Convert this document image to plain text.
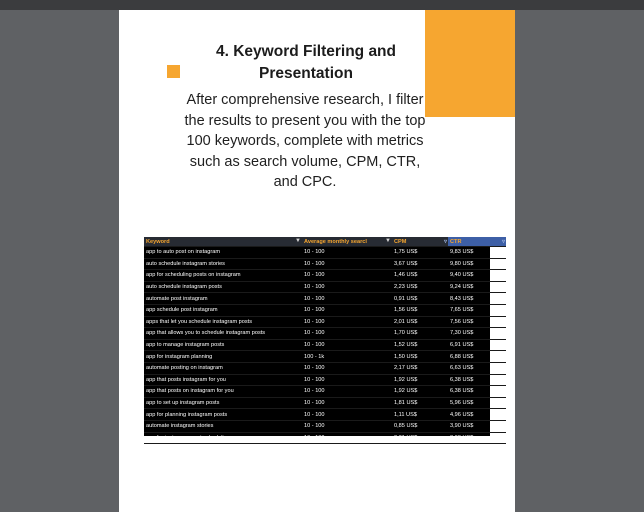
4. Keyword Filtering and Presentation
After comprehensive research, I filter the results to present you with the top 100 keywords, complete with metrics such as search volume, CPM, CTR, and CPC.
Keyword ▼	Average monthly searcl ▼	CPM ▿	CTR ▿

app to auto post on instagram	10 - 100	1,75 US$	9,83 US$
auto schedule instagram stories	10 - 100	3,67 US$	9,80 US$
app for scheduling posts on instagram	10 - 100	1,46 US$	9,40 US$
auto schedule instagram posts	10 - 100	2,23 US$	9,24 US$
automate post instagram	10 - 100	0,91 US$	8,43 US$
app schedule post instagram	10 - 100	1,56 US$	7,65 US$
apps that let you schedule instagram posts	10 - 100	2,01 US$	7,56 US$
app that allows you to schedule instagram posts	10 - 100	1,70 US$	7,30 US$
app to manage instagram posts	10 - 100	1,52 US$	6,91 US$
app for instagram planning	100 - 1k	1,50 US$	6,88 US$
automate posting on instagram	10 - 100	2,17 US$	6,63 US$
app that posts instagram for you	10 - 100	1,92 US$	6,38 US$
app that posts on instagram for you	10 - 100	1,92 US$	6,38 US$
app to set up instagram posts	10 - 100	1,81 US$	5,96 US$
app for planning instagram posts	10 - 100	1,11 US$	4,96 US$
automate instagram stories	10 - 100	0,85 US$	3,90 US$
app for instagram post scheduling	10 - 100	2,31 US$	3,68 US$
app for auto posting instagram	10 - 100	1,43 US$	3,44 US$
